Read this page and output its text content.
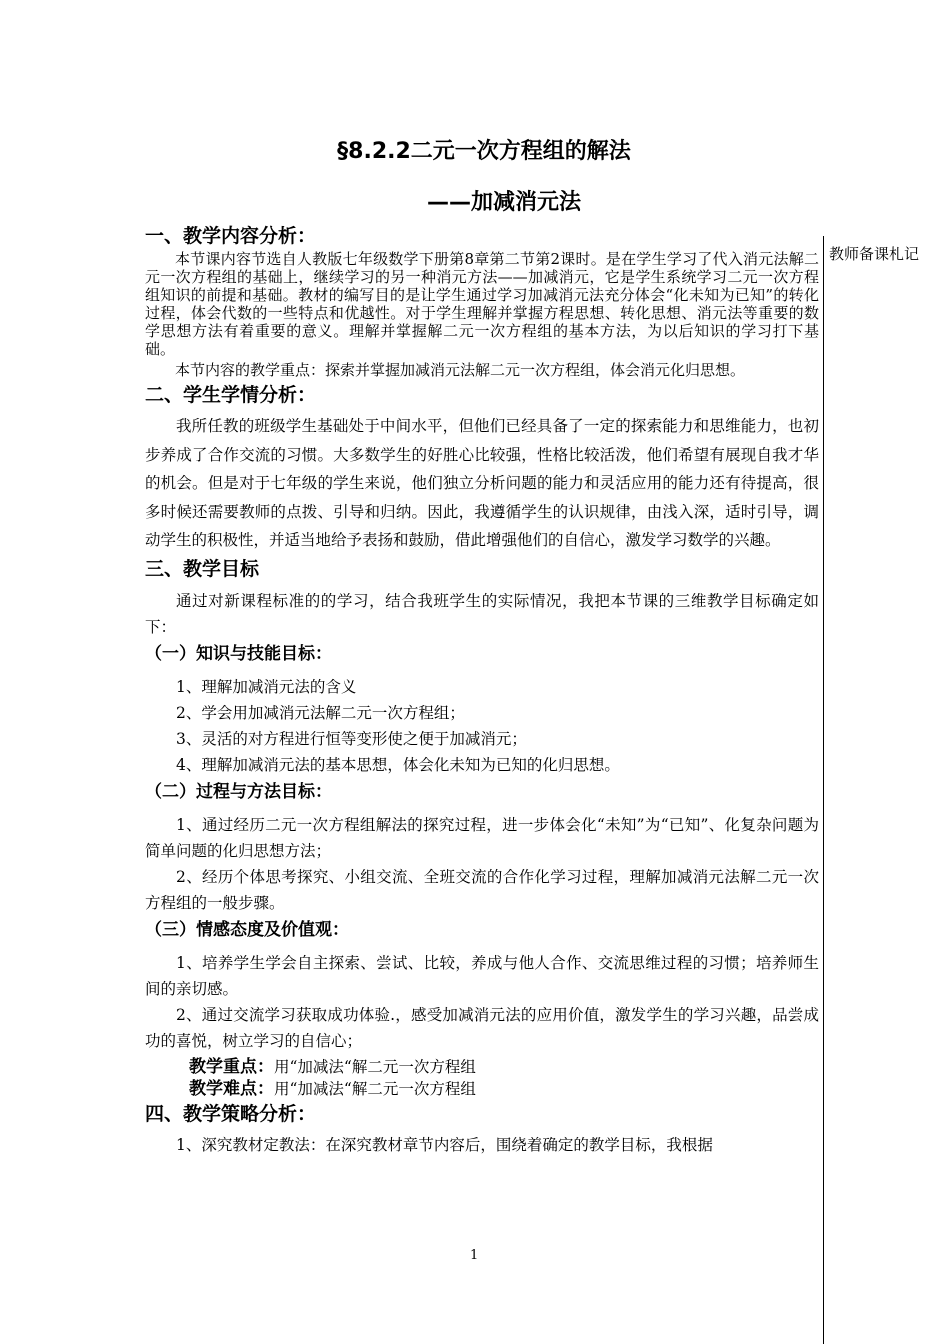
教师备课札记
§8.2.2二元一次方程组的解法
——加减消元法
一、教学内容分析：

本节课内容节选自人教版七年级数学下册第8章第二节第2课时。是在学生学习了代入消元法解二元一次方程组的基础上，继续学习的另一种消元方法——加减消元，它是学生系统学习二元一次方程组知识的前提和基础。教材的编写目的是让学生通过学习加减消元法充分体会“化未知为已知”的转化过程，体会代数的一些特点和优越性。对于学生理解并掌握方程思想、转化思想、消元法等重要的数学思想方法有着重要的意义。理解并掌握解二元一次方程组的基本方法，为以后知识的学习打下基础。

本节内容的教学重点：探索并掌握加减消元法解二元一次方程组，体会消元化归思想。

二、学生学情分析：

我所任教的班级学生基础处于中间水平，但他们已经具备了一定的探索能力和思维能力，也初步养成了合作交流的习惯。大多数学生的好胜心比较强，性格比较活泼，他们希望有展现自我才华的机会。但是对于七年级的学生来说，他们独立分析问题的能力和灵活应用的能力还有待提高，很多时候还需要教师的点拨、引导和归纳。因此，我遵循学生的认识规律，由浅入深，适时引导，调动学生的积极性，并适当地给予表扬和鼓励，借此增强他们的自信心，激发学习数学的兴趣。

三、教学目标

通过对新课程标准的的学习，结合我班学生的实际情况，我把本节课的三维教学目标确定如下：

（一）知识与技能目标：

1、理解加减消元法的含义

2、学会用加减消元法解二元一次方程组；

3、灵活的对方程进行恒等变形使之便于加减消元；

4、理解加减消元法的基本思想，体会化未知为已知的化归思想。

（二）过程与方法目标：

1、通过经历二元一次方程组解法的探究过程，进一步体会化“未知”为“已知”、化复杂问题为简单问题的化归思想方法；

2、经历个体思考探究、小组交流、全班交流的合作化学习过程，理解加减消元法解二元一次方程组的一般步骤。

（三）情感态度及价值观：

1、培养学生学会自主探索、尝试、比较，养成与他人合作、交流思维过程的习惯；培养师生间的亲切感。

2、通过交流学习获取成功体验.，感受加减消元法的应用价值，激发学生的学习兴趣，品尝成功的喜悦，树立学习的自信心；

教学重点：用“加减法“解二元一次方程组
教学难点：用“加减法“解二元一次方程组
四、教学策略分析：

1、深究教材定教法：在深究教材章节内容后，围绕着确定的教学目标，我根据

1
